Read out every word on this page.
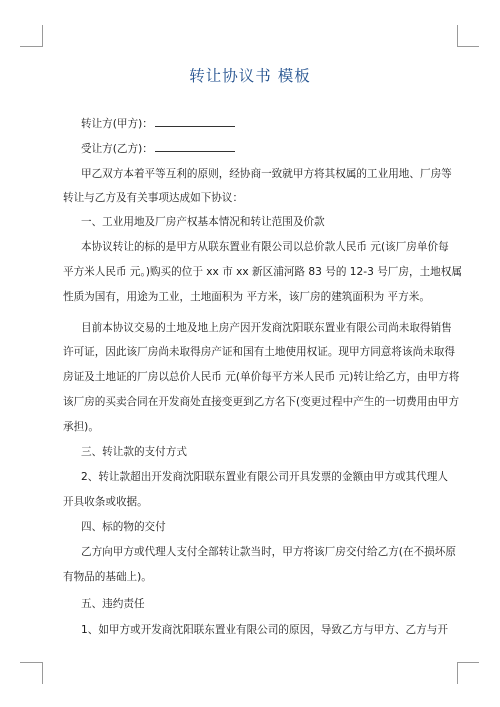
转让协议书 模板
转让方(甲方)：
受让方(乙方)：
甲乙双方本着平等互利的原则，经协商一致就甲方将其权属的工业用地、厂房等
转让与乙方及有关事项达成如下协议：
一、工业用地及厂房产权基本情况和转让范围及价款
本协议转让的标的是甲方从联东置业有限公司以总价款人民币 元(该厂房单价每
平方米人民币 元。)购买的位于 xx 市 xx 新区浦河路 83 号的 12-3 号厂房，土地权属
性质为国有，用途为工业，土地面积为 平方米，该厂房的建筑面积为 平方米。
目前本协议交易的土地及地上房产因开发商沈阳联东置业有限公司尚未取得销售
许可证，因此该厂房尚未取得房产证和国有土地使用权证。现甲方同意将该尚未取得
房证及土地证的厂房以总价人民币 元(单价每平方米人民币 元)转让给乙方，由甲方将
该厂房的买卖合同在开发商处直接变更到乙方名下(变更过程中产生的一切费用由甲方
承担)。
三、转让款的支付方式
2、转让款超出开发商沈阳联东置业有限公司开具发票的金额由甲方或其代理人
开具收条或收据。
四、标的物的交付
乙方向甲方或代理人支付全部转让款当时，甲方将该厂房交付给乙方(在不损坏原
有物品的基础上)。
五、违约责任
1、如甲方或开发商沈阳联东置业有限公司的原因，导致乙方与甲方、乙方与开
